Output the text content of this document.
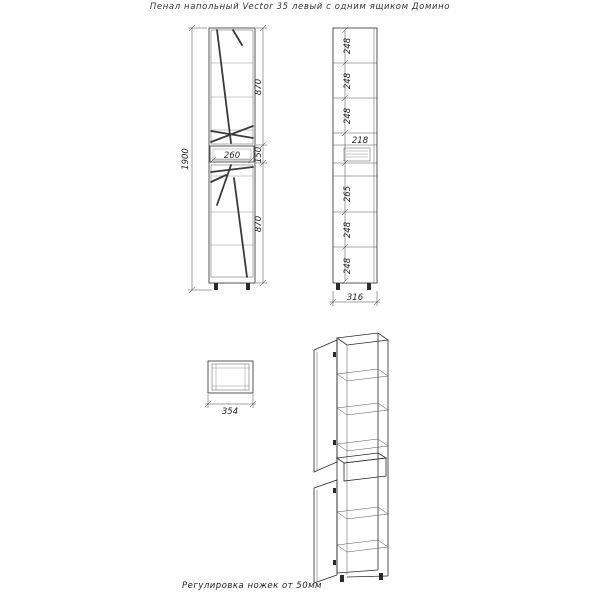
Пенал напольный Vector 35 левый с одним ящиком Домино
1900
870
150
870
260
248
248
248
218
265
248
248
316
354
Регулировка ножек от 50мм
